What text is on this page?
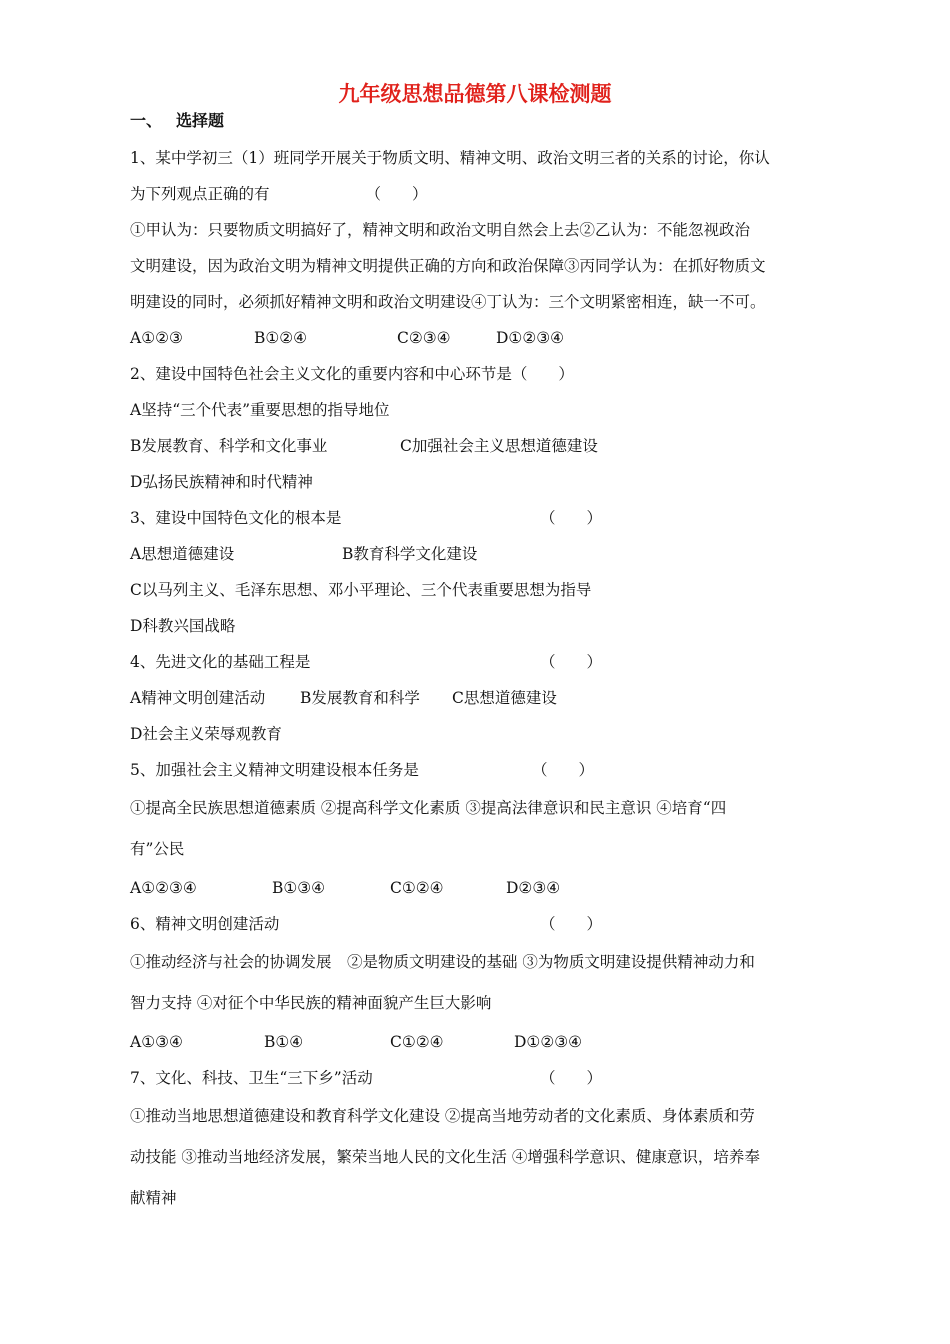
九年级思想品德第八课检测题
一、 选择题
1、某中学初三（1）班同学开展关于物质文明、精神文明、政治文明三者的关系的讨论，你认
为下列观点正确的有	（　　）
①甲认为：只要物质文明搞好了，精神文明和政治文明自然会上去②乙认为：不能忽视政治
文明建设，因为政治文明为精神文明提供正确的方向和政治保障③丙同学认为：在抓好物质文
明建设的同时，必须抓好精神文明和政治文明建设④丁认为：三个文明紧密相连，缺一不可。
A①②③	B①②④	C②③④	D①②③④
2、建设中国特色社会主义文化的重要内容和中心环节是（　　）
A坚持“三个代表”重要思想的指导地位
B发展教育、科学和文化事业	C加强社会主义思想道德建设
D弘扬民族精神和时代精神
3、建设中国特色文化的根本是	（　　）
A思想道德建设	B教育科学文化建设
C以马列主义、毛泽东思想、邓小平理论、三个代表重要思想为指导
D科教兴国战略
4、先进文化的基础工程是	（　　）
A精神文明创建活动 B发展教育和科学 C思想道德建设
D社会主义荣辱观教育
5、加强社会主义精神文明建设根本任务是	（　　）
①提高全民族思想道德素质 ②提高科学文化素质 ③提高法律意识和民主意识 ④培育“四
有”公民
A①②③④	B①③④	C①②④	D②③④
6、精神文明创建活动	（　　）
①推动经济与社会的协调发展　②是物质文明建设的基础 ③为物质文明建设提供精神动力和
智力支持 ④对征个中华民族的精神面貌产生巨大影响
A①③④	B①④	C①②④	D①②③④
7、文化、科技、卫生“三下乡”活动	（　　）
①推动当地思想道德建设和教育科学文化建设 ②提高当地劳动者的文化素质、身体素质和劳
动技能 ③推动当地经济发展，繁荣当地人民的文化生活 ④增强科学意识、健康意识，培养奉
献精神
